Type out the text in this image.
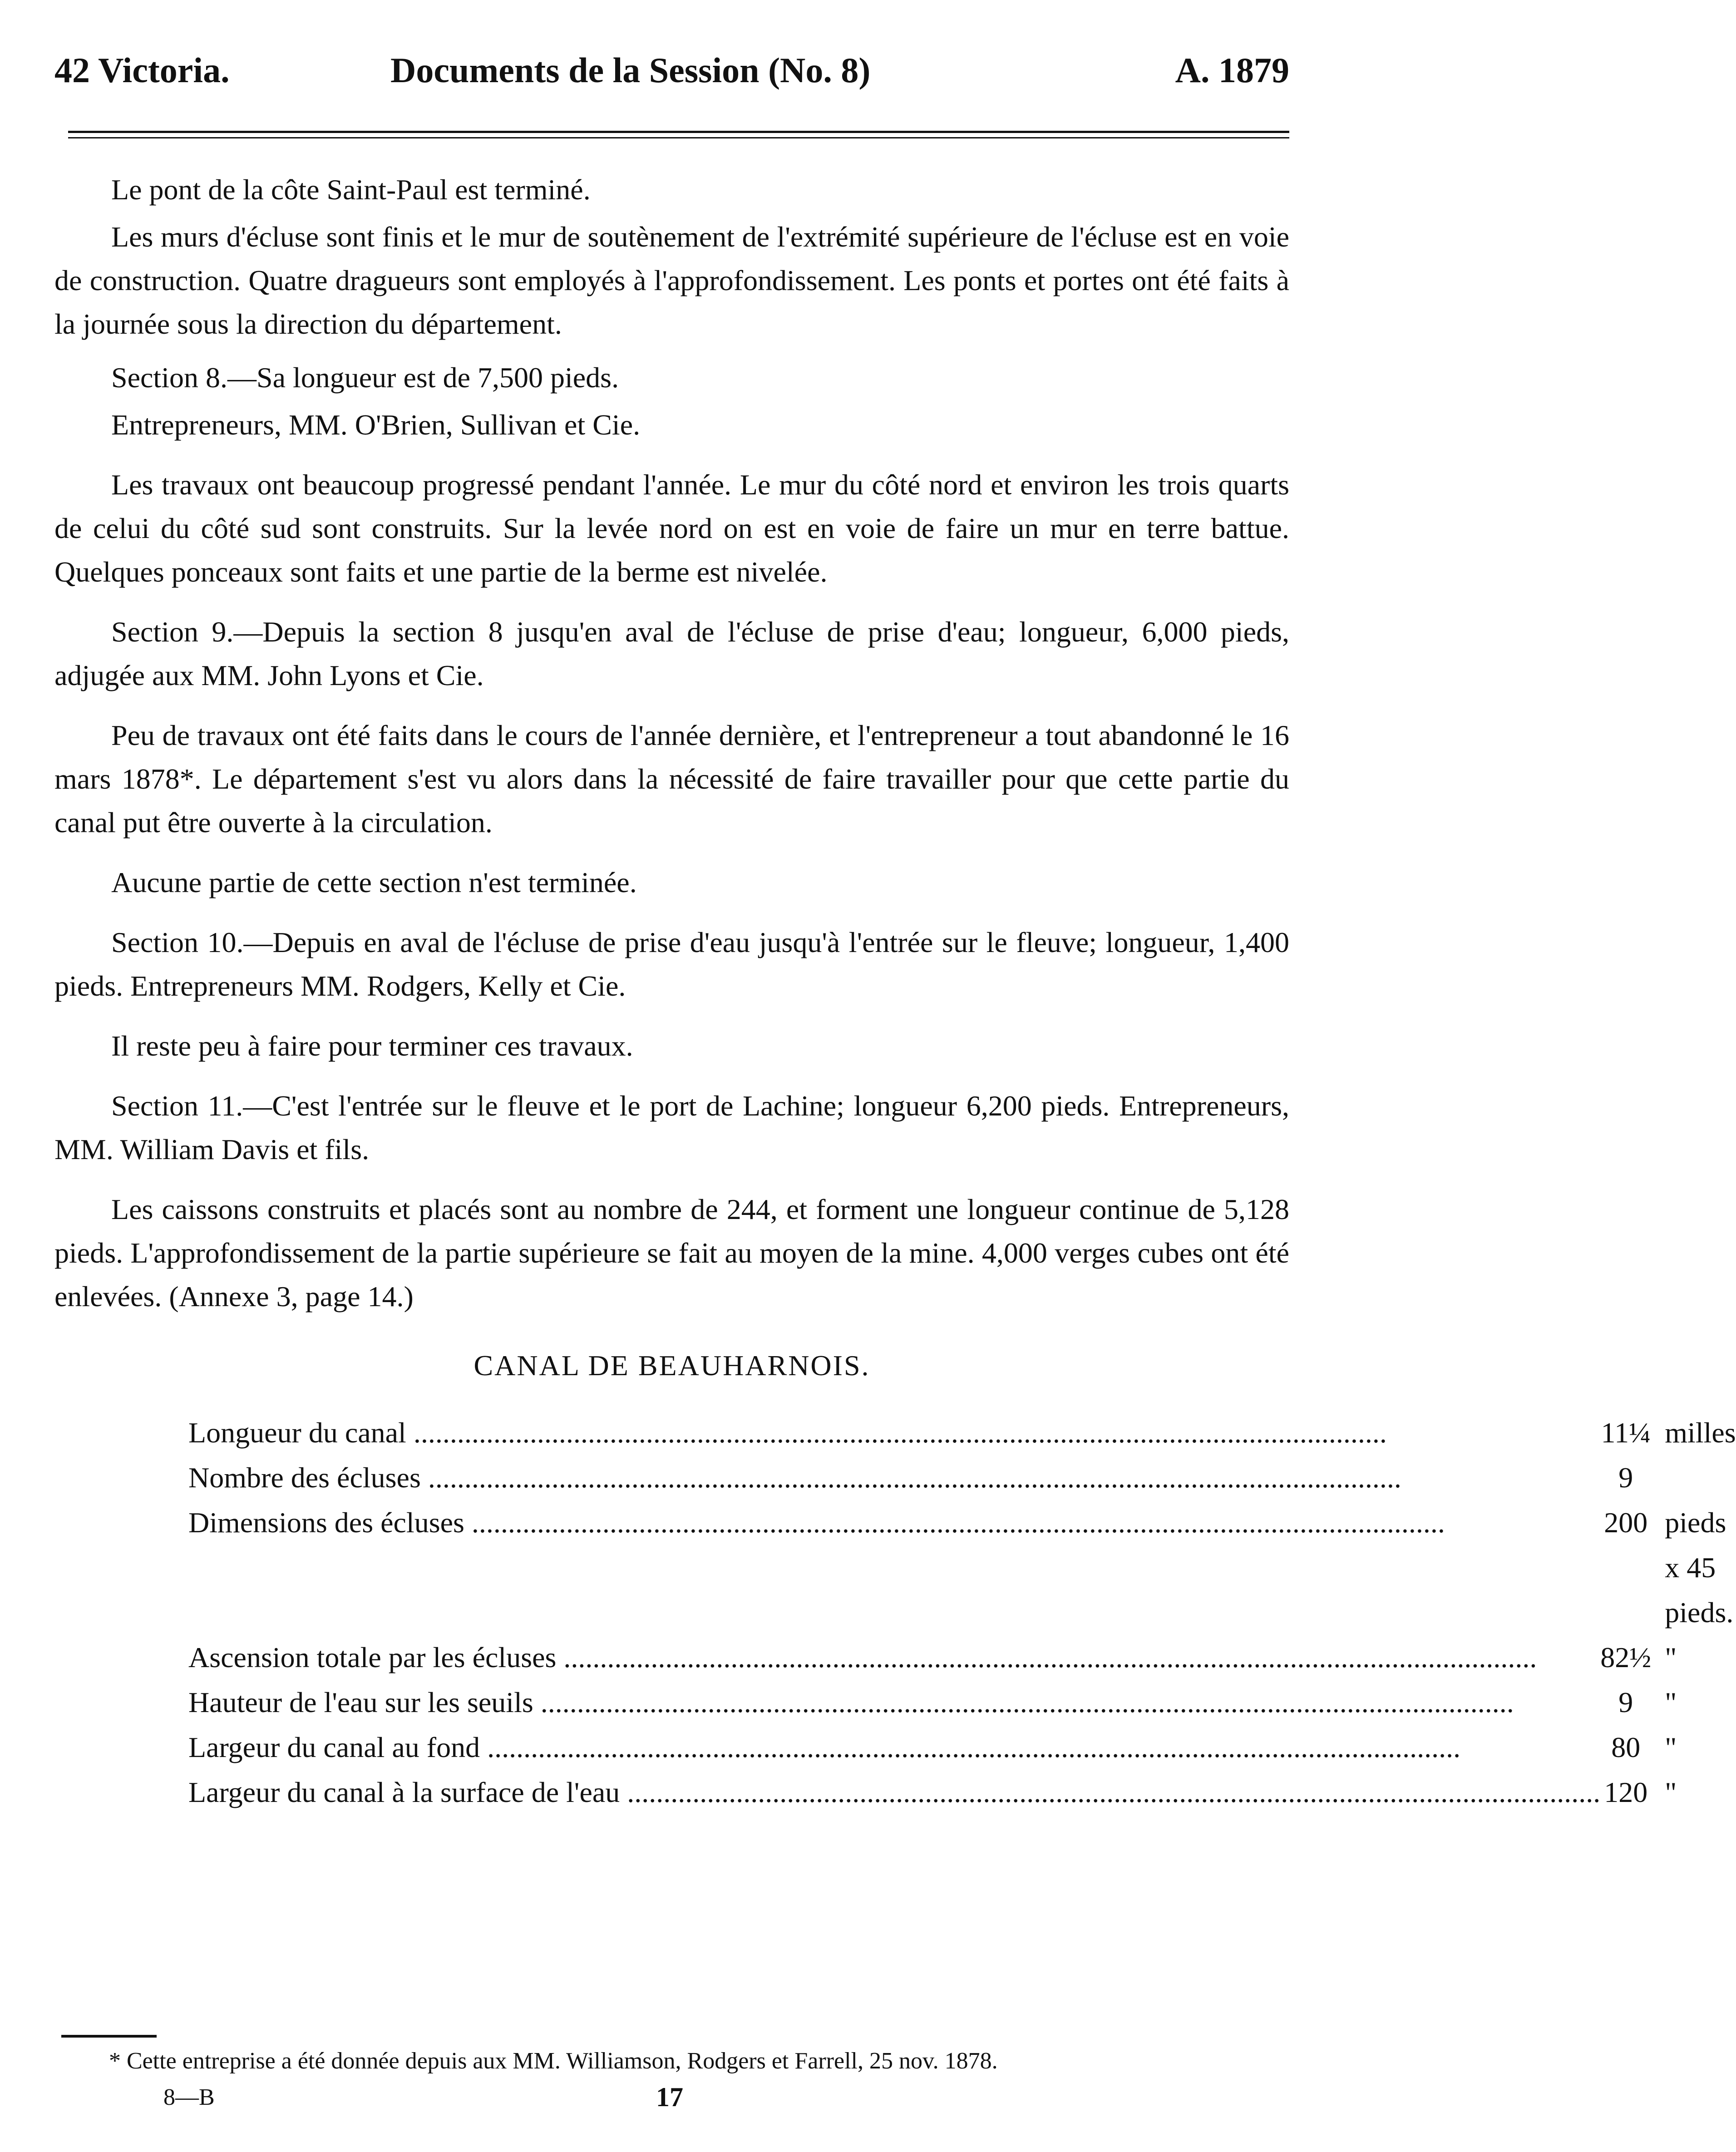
42 Victoria.	Documents de la Session (No. 8)	A. 1879

Le pont de la côte Saint-Paul est terminé.

Les murs d'écluse sont finis et le mur de soutènement de l'extrémité supérieure de l'écluse est en voie de construction. Quatre dragueurs sont employés à l'approfondissement. Les ponts et portes ont été faits à la journée sous la direction du département.

Section 8.—Sa longueur est de 7,500 pieds.

Entrepreneurs, MM. O'Brien, Sullivan et Cie.

Les travaux ont beaucoup progressé pendant l'année. Le mur du côté nord et environ les trois quarts de celui du côté sud sont construits. Sur la levée nord on est en voie de faire un mur en terre battue. Quelques ponceaux sont faits et une partie de la berme est nivelée.

Section 9.—Depuis la section 8 jusqu'en aval de l'écluse de prise d'eau; longueur, 6,000 pieds, adjugée aux MM. John Lyons et Cie.

Peu de travaux ont été faits dans le cours de l'année dernière, et l'entrepreneur a tout abandonné le 16 mars 1878*. Le département s'est vu alors dans la nécessité de faire travailler pour que cette partie du canal put être ouverte à la circulation.

Aucune partie de cette section n'est terminée.

Section 10.—Depuis en aval de l'écluse de prise d'eau jusqu'à l'entrée sur le fleuve; longueur, 1,400 pieds. Entrepreneurs MM. Rodgers, Kelly et Cie.

Il reste peu à faire pour terminer ces travaux.

Section 11.—C'est l'entrée sur le fleuve et le port de Lachine; longueur 6,200 pieds. Entrepreneurs, MM. William Davis et fils.

Les caissons construits et placés sont au nombre de 244, et forment une longueur continue de 5,128 pieds. L'approfondissement de la partie supérieure se fait au moyen de la mine. 4,000 verges cubes ont été enlevées. (Annexe 3, page 14.)

CANAL DE BEAUHARNOIS.
Longueur du canal .....	11¼	milles
Nombre des écluses .....	9	
Dimensions des écluses .....	200	pieds x 45 pieds.
Ascension totale par les écluses .....	82½	"
Hauteur de l'eau sur les seuils .....	9	"
Largeur du canal au fond .....	80	"
Largeur du canal à la surface de l'eau .....	120	"
* Cette entreprise a été donnée depuis aux MM. Williamson, Rodgers et Farrell, 25 nov. 1878.
8—B	17
